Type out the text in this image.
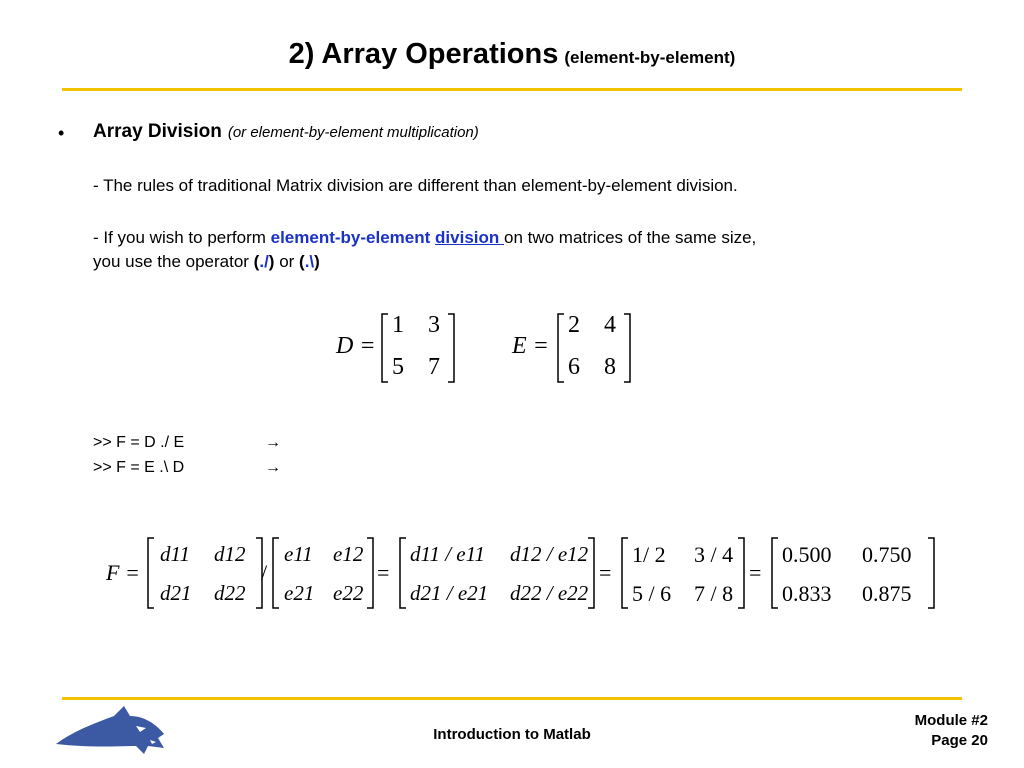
2) Array Operations (element-by-element)
• Array Division (or element-by-element multiplication)
- The rules of traditional Matrix division are different than element-by-element division.
- If you wish to perform element-by-element division on two matrices of the same size,
you use the operator (./) or (.\)
D =
1 3
5 7
E =
2 4
6 8
>> F = D ./ E	→
>> F = E .\ D	→
F =
d11 d12
d21 d22
/
e11 e12
e21 e22
=
d11 / e11 d12 / e12
d21 / e21 d22 / e22
=
1/ 2 3 / 4
5 / 6 7 / 8
=
0.500 0.750
0.833 0.875
Introduction to Matlab
Module #2
Page 20
